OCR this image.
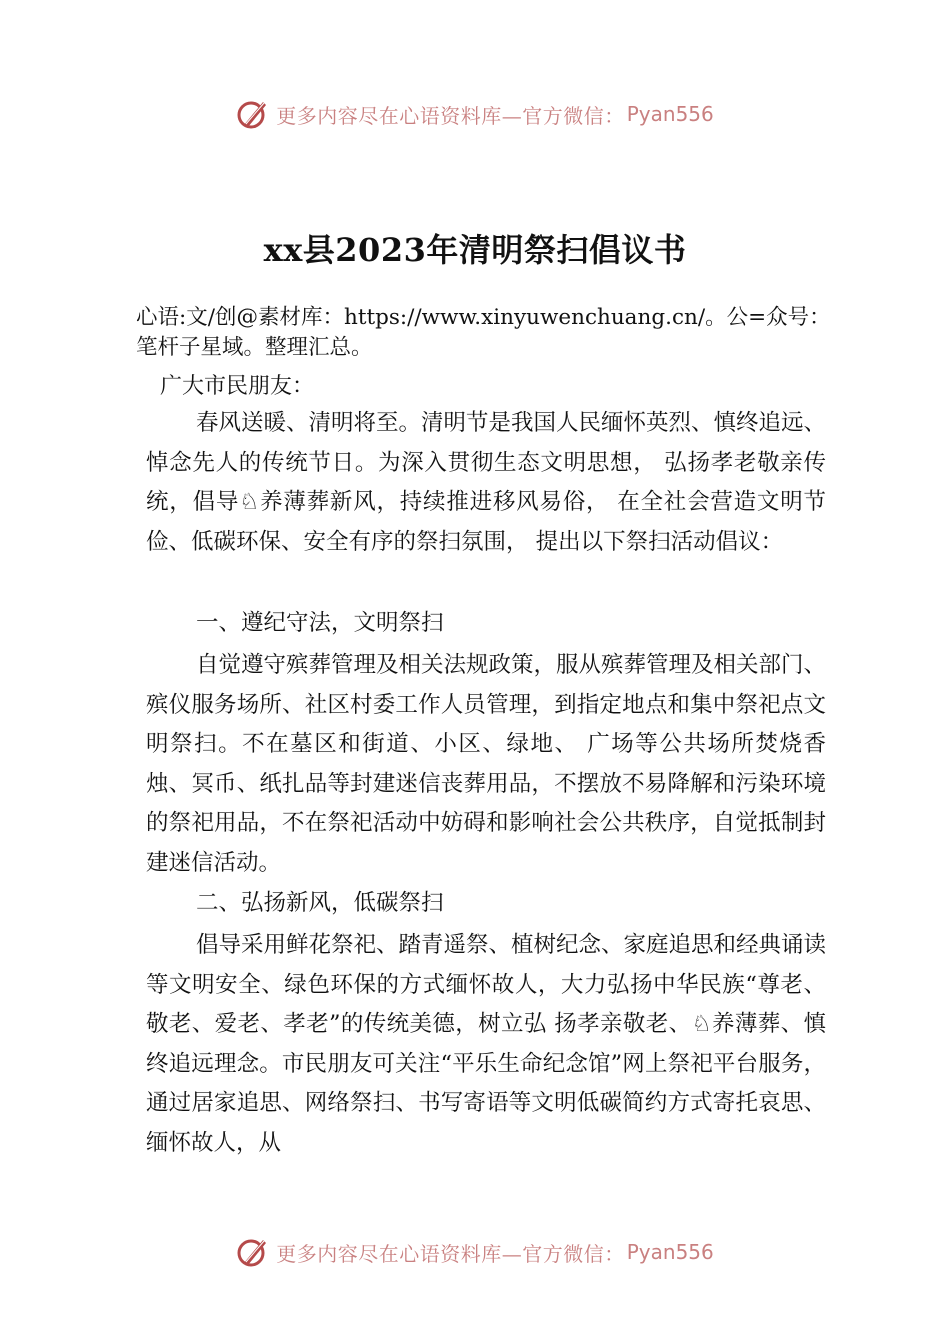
更多内容尽在心语资料库—官方微信： Pyan556
xx县2023年清明祭扫倡议书

心语:文/创@素材库：https://www.xinyuwenchuang.cn/。公=众号：笔杆子星域。整理汇总。

广大市民朋友：

春风送暖、清明将至。清明节是我国人民缅怀英烈、慎终追远、悼念先人的传统节日。为深入贯彻生态文明思想， 弘扬孝老敬亲传统，倡导♘养薄葬新风，持续推进移风易俗， 在全社会营造文明节俭、低碳环保、安全有序的祭扫氛围， 提出以下祭扫活动倡议：

一、遵纪守法，文明祭扫

自觉遵守殡葬管理及相关法规政策，服从殡葬管理及相关部门、殡仪服务场所、社区村委工作人员管理，到指定地点和集中祭祀点文明祭扫。不在墓区和街道、小区、绿地、 广场等公共场所焚烧香烛、冥币、纸扎品等封建迷信丧葬用品，不摆放不易降解和污染环境的祭祀用品，不在祭祀活动中妨碍和影响社会公共秩序，自觉抵制封建迷信活动。

二、弘扬新风，低碳祭扫

倡导采用鲜花祭祀、踏青遥祭、植树纪念、家庭追思和经典诵读等文明安全、绿色环保的方式缅怀故人，大力弘扬中华民族“尊老、敬老、爱老、孝老”的传统美德，树立弘 扬孝亲敬老、♘养薄葬、慎终追远理念。市民朋友可关注“平乐生命纪念馆”网上祭祀平台服务，通过居家追思、网络祭扫、书写寄语等文明低碳简约方式寄托哀思、缅怀故人，从

更多内容尽在心语资料库—官方微信： Pyan556
